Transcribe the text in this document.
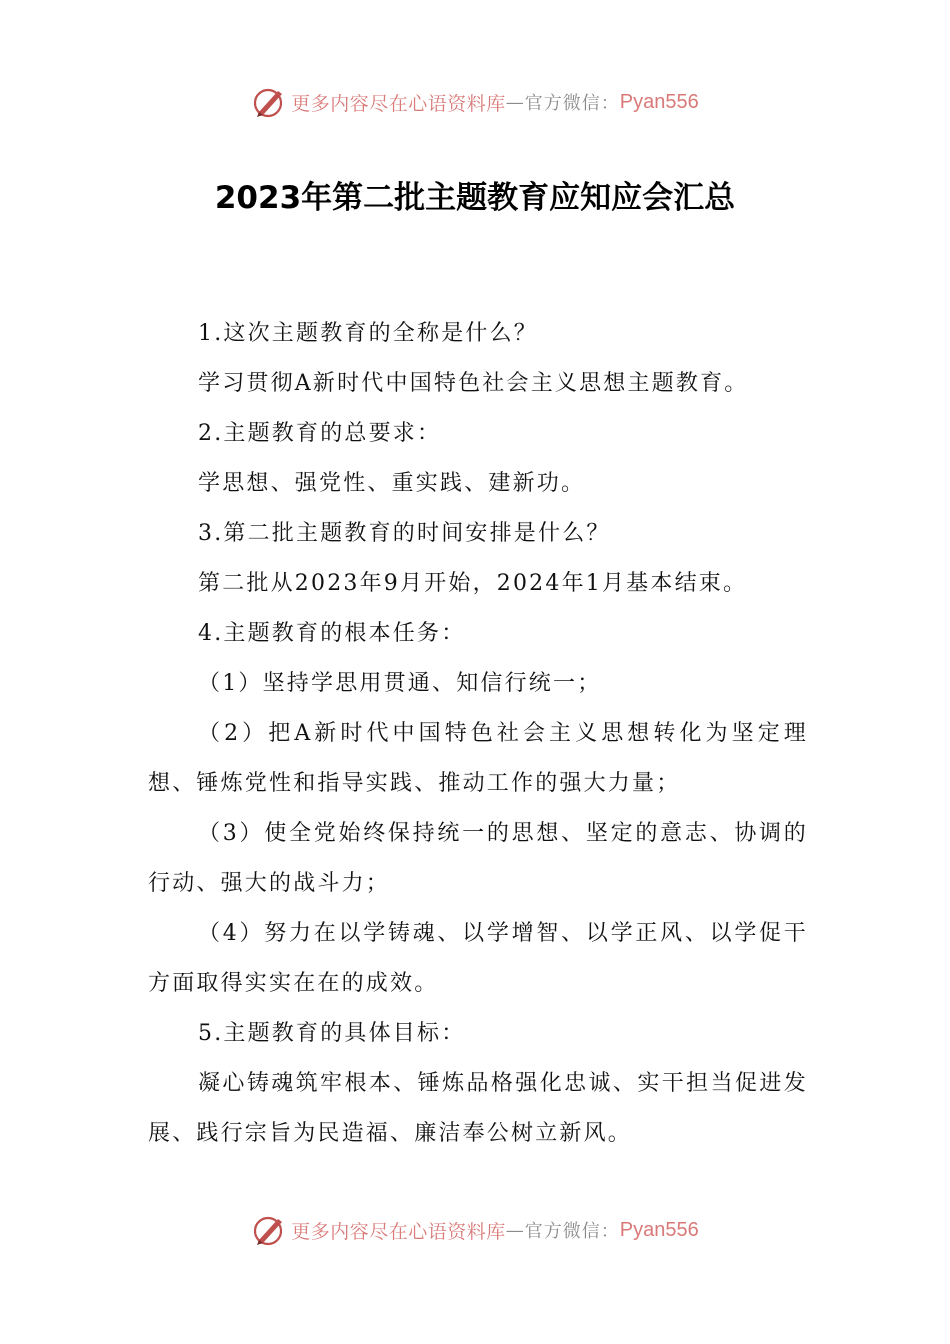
更多内容尽在心语资料库 — 官方微信： Pyan556
2023年第二批主题教育应知应会汇总

1.这次主题教育的全称是什么？

学习贯彻A新时代中国特色社会主义思想主题教育。

2.主题教育的总要求：

学思想、强党性、重实践、建新功。

3.第二批主题教育的时间安排是什么？

第二批从2023年9月开始，2024年1月基本结束。

4.主题教育的根本任务：

（1）坚持学思用贯通、知信行统一；

（2）把A新时代中国特色社会主义思想转化为坚定理想、锤炼党性和指导实践、推动工作的强大力量；

（3）使全党始终保持统一的思想、坚定的意志、协调的行动、强大的战斗力；

（4）努力在以学铸魂、以学增智、以学正风、以学促干方面取得实实在在的成效。

5.主题教育的具体目标：

凝心铸魂筑牢根本、锤炼品格强化忠诚、实干担当促进发展、践行宗旨为民造福、廉洁奉公树立新风。

更多内容尽在心语资料库 — 官方微信： Pyan556
